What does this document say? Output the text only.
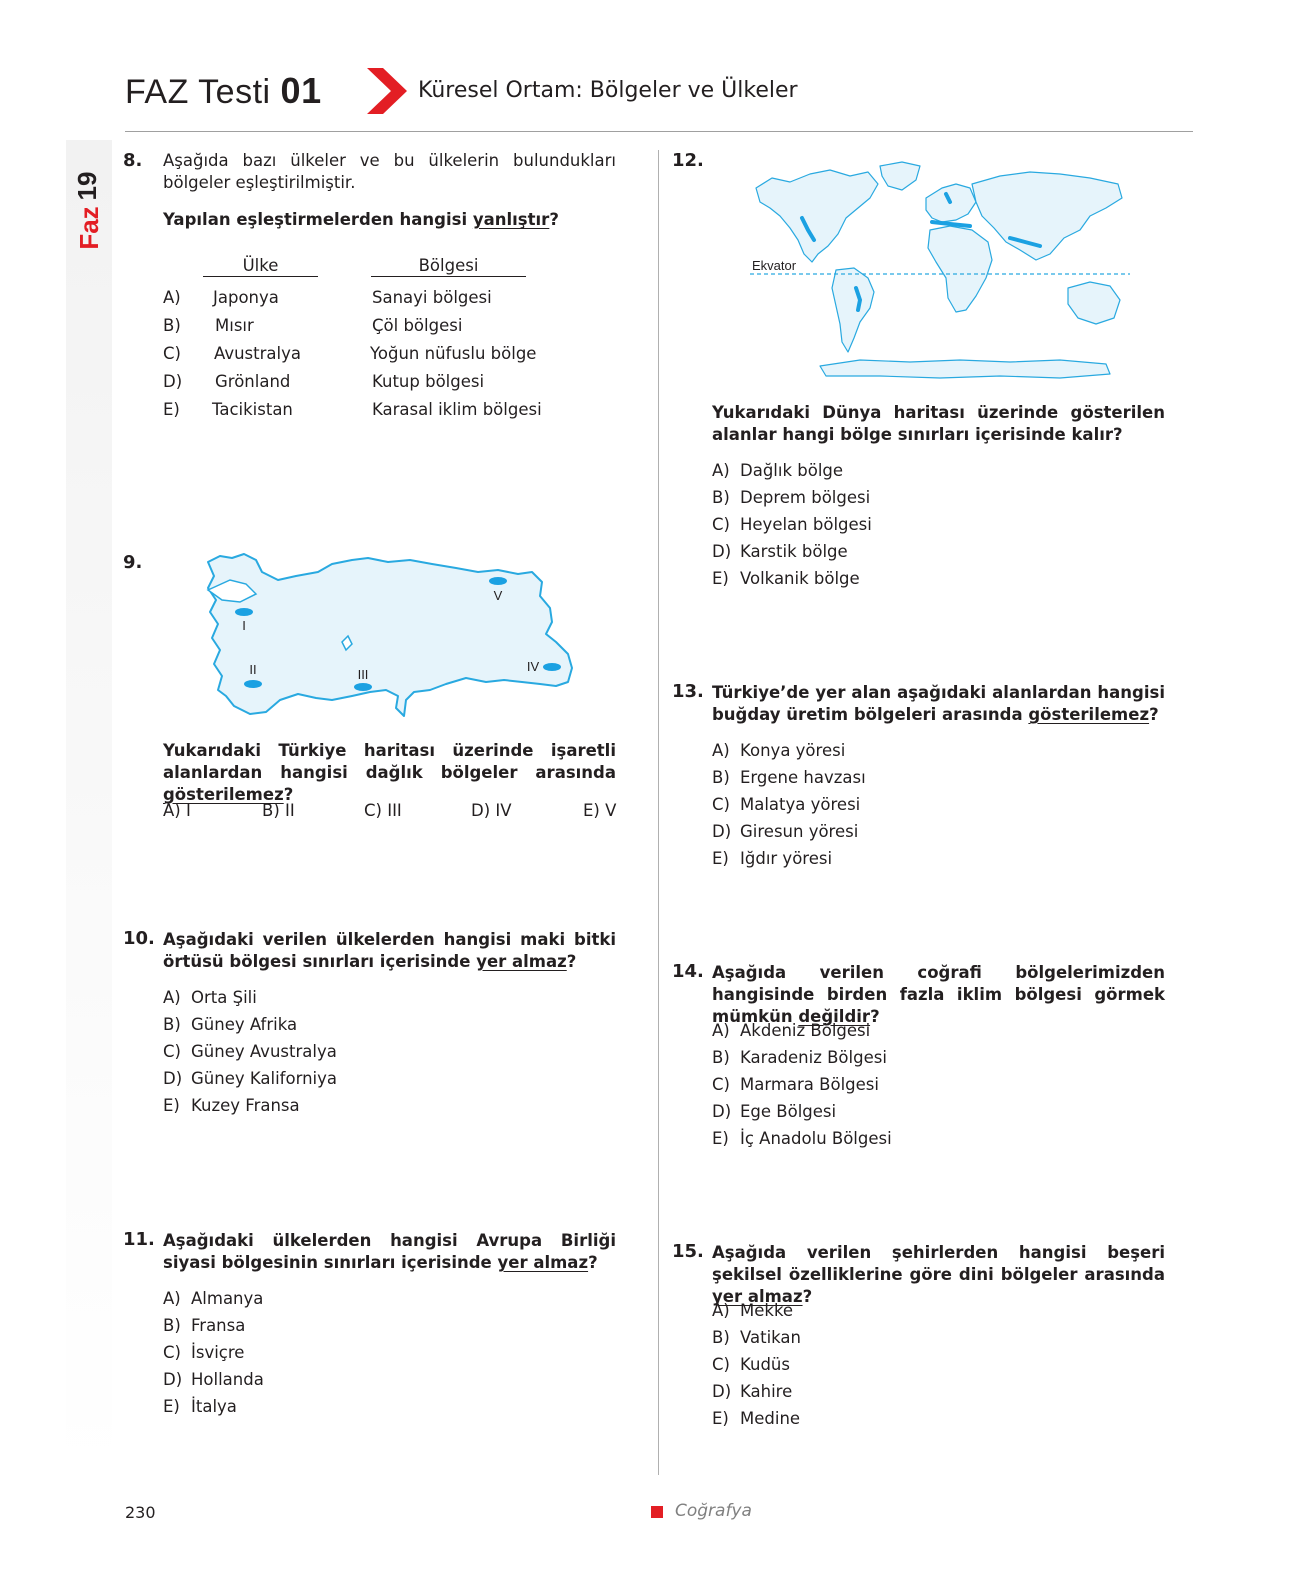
19
Faz
FAZ Testi 01	Küresel Ortam: Bölgeler ve Ülkeler
8. Aşağıda bazı ülkeler ve bu ülkelerin bulundukları bölgeler eşleştirilmiştir.
Yapılan eşleştirmelerden hangisi yanlıştır?
Ülke	Bölgesi
A) Japonya	Sanayi bölgesi
B) Mısır	Çöl bölgesi
C) Avustralya	Yoğun nüfuslu bölge
D) Grönland	Kutup bölgesi
E) Tacikistan	Karasal iklim bölgesi
9.
I
II	III
IV
V
Yukarıdaki Türkiye haritası üzerinde işaretli alanlardan hangisi dağlık bölgeler arasında gösterilemez?
A) I	B) II	C) III	D) IV	E) V
10. Aşağıdaki verilen ülkelerden hangisi maki bitki örtüsü bölgesi sınırları içerisinde yer almaz?
A) Orta Şili
B) Güney Afrika
C) Güney Avustralya
D) Güney Kaliforniya
E) Kuzey Fransa
11. Aşağıdaki ülkelerden hangisi Avrupa Birliği siyasi bölgesinin sınırları içerisinde yer almaz?
A) Almanya
B) Fransa
C) İsviçre
D) Hollanda
E) İtalya
12.
Ekvator
Yukarıdaki Dünya haritası üzerinde gösterilen alanlar hangi bölge sınırları içerisinde kalır?
A) Dağlık bölge
B) Deprem bölgesi
C) Heyelan bölgesi
D) Karstik bölge
E) Volkanik bölge
13. Türkiye’de yer alan aşağıdaki alanlardan hangisi buğday üretim bölgeleri arasında gösterilemez?
A) Konya yöresi
B) Ergene havzası
C) Malatya yöresi
D) Giresun yöresi
E) Iğdır yöresi
14. Aşağıda verilen coğrafi bölgelerimizden hangisinde birden fazla iklim bölgesi görmek mümkün değildir?
A) Akdeniz Bölgesi
B) Karadeniz Bölgesi
C) Marmara Bölgesi
D) Ege Bölgesi
E) İç Anadolu Bölgesi
15. Aşağıda verilen şehirlerden hangisi beşeri şekilsel özelliklerine göre dini bölgeler arasında yer almaz?
A) Mekke
B) Vatikan
C) Kudüs
D) Kahire
E) Medine
230	Coğrafya
